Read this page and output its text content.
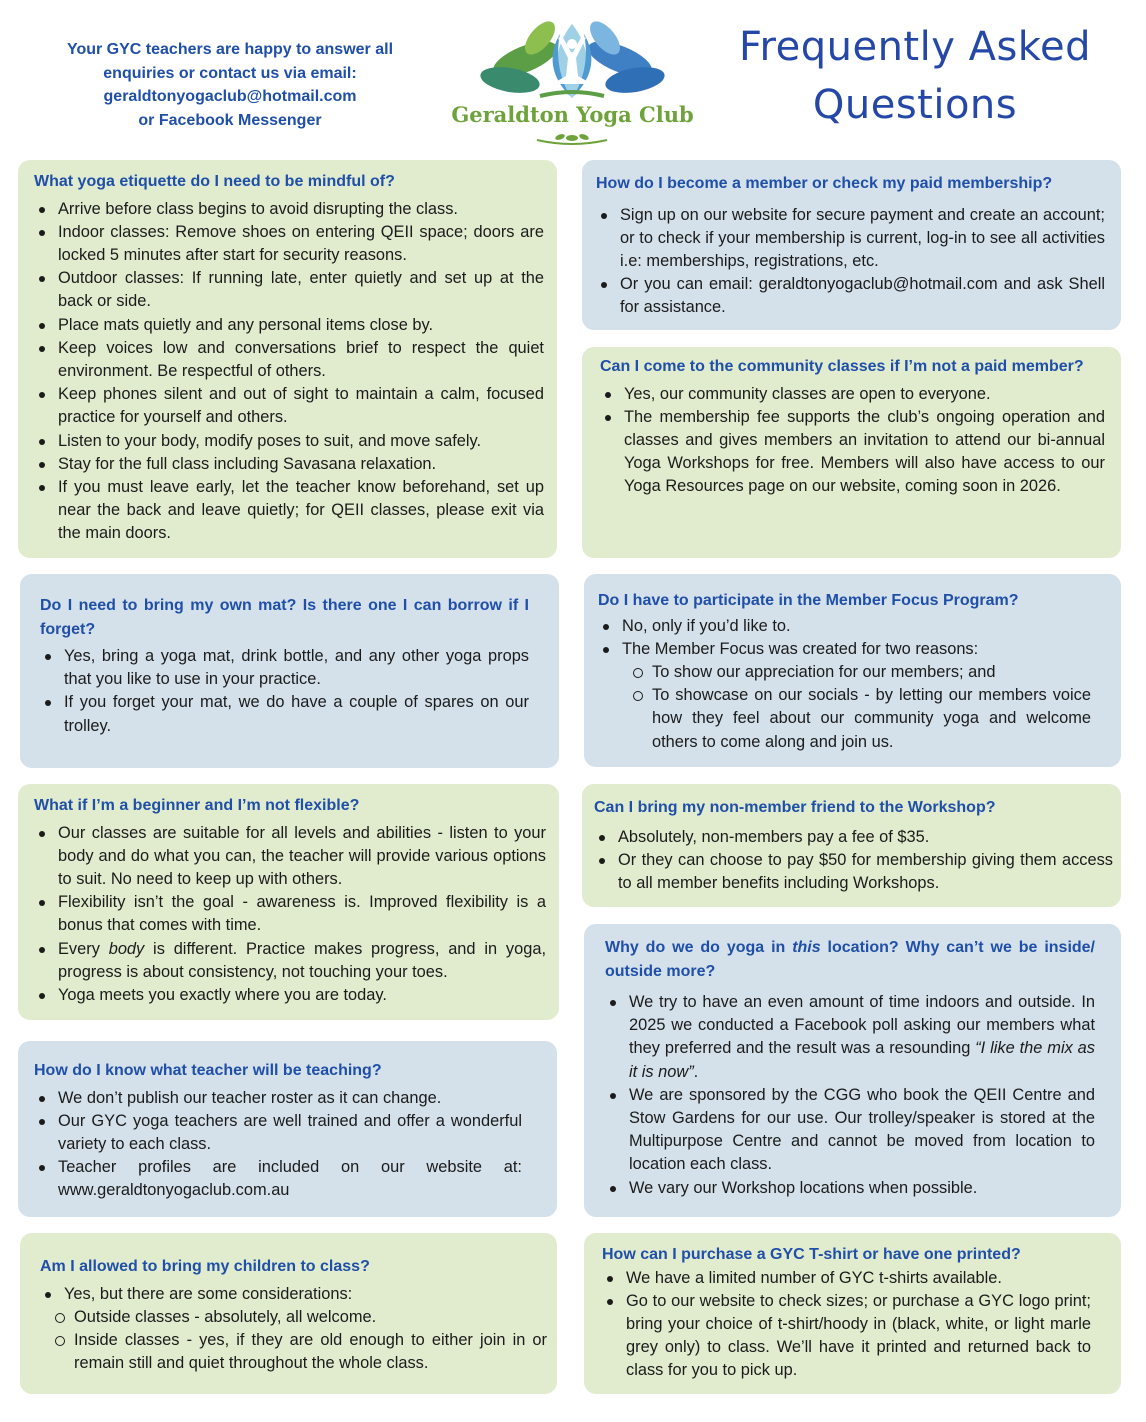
Your GYC teachers are happy to answer all
enquiries or contact us via email:
geraldtonyogaclub@hotmail.com
or Facebook Messenger	Geraldton Yoga Club
Frequently Asked
Questions
What yoga etiquette do I need to be mindful of?
Arrive before class begins to avoid disrupting the class.
Indoor classes: Remove shoes on entering QEII space; doors are locked 5 minutes after start for security reasons.
Outdoor classes: If running late, enter quietly and set up at the back or side.
Place mats quietly and any personal items close by.
Keep voices low and conversations brief to respect the quiet environment. Be respectful of others.
Keep phones silent and out of sight to maintain a calm, focused practice for yourself and others.
Listen to your body, modify poses to suit, and move safely.
Stay for the full class including Savasana relaxation.
If you must leave early, let the teacher know beforehand, set up near the back and leave quietly; for QEII classes, please exit via the main doors.
Do I need to bring my own mat? Is there one I can borrow if I forget?
Yes, bring a yoga mat, drink bottle, and any other yoga props that you like to use in your practice.
If you forget your mat, we do have a couple of spares on our trolley.
What if I’m a beginner and I’m not flexible?
Our classes are suitable for all levels and abilities - listen to your body and do what you can, the teacher will provide various options to suit. No need to keep up with others.
Flexibility isn’t the goal - awareness is. Improved flexibility is a bonus that comes with time.
Every body is different. Practice makes progress, and in yoga, progress is about consistency, not touching your toes.
Yoga meets you exactly where you are today.
How do I know what teacher will be teaching?
We don’t publish our teacher roster as it can change.
Our GYC yoga teachers are well trained and offer a wonderful variety to each class.
Teacher profiles are included on our website at: www.geraldtonyogaclub.com.au
Am I allowed to bring my children to class?
Yes, but there are some considerations:
Outside classes - absolutely, all welcome.
Inside classes - yes, if they are old enough to either join in or remain still and quiet throughout the whole class.
How do I become a member or check my paid membership?
Sign up on our website for secure payment and create an account; or to check if your membership is current, log-in to see all activities i.e: memberships, registrations, etc.
Or you can email: geraldtonyogaclub@hotmail.com and ask Shell for assistance.
Can I come to the community classes if I’m not a paid member?
Yes, our community classes are open to everyone.
The membership fee supports the club’s ongoing operation and classes and gives members an invitation to attend our bi-annual Yoga Workshops for free. Members will also have access to our Yoga Resources page on our website, coming soon in 2026.
Do I have to participate in the Member Focus Program?
No, only if you’d like to.
The Member Focus was created for two reasons:
To show our appreciation for our members; and
To showcase on our socials - by letting our members voice how they feel about our community yoga and welcome others to come along and join us.
Can I bring my non-member friend to the Workshop?
Absolutely, non-members pay a fee of $35.
Or they can choose to pay $50 for membership giving them access to all member benefits including Workshops.
Why do we do yoga in this location? Why can’t we be inside/ outside more?
We try to have an even amount of time indoors and outside. In 2025 we conducted a Facebook poll asking our members what they preferred and the result was a resounding “I like the mix as it is now”.
We are sponsored by the CGG who book the QEII Centre and Stow Gardens for our use. Our trolley/speaker is stored at the Multipurpose Centre and cannot be moved from location to location each class.
We vary our Workshop locations when possible.
How can I purchase a GYC T-shirt or have one printed?
We have a limited number of GYC t-shirts available.
Go to our website to check sizes; or purchase a GYC logo print; bring your choice of t-shirt/hoody in (black, white, or light marle grey only) to class. We’ll have it printed and returned back to class for you to pick up.
